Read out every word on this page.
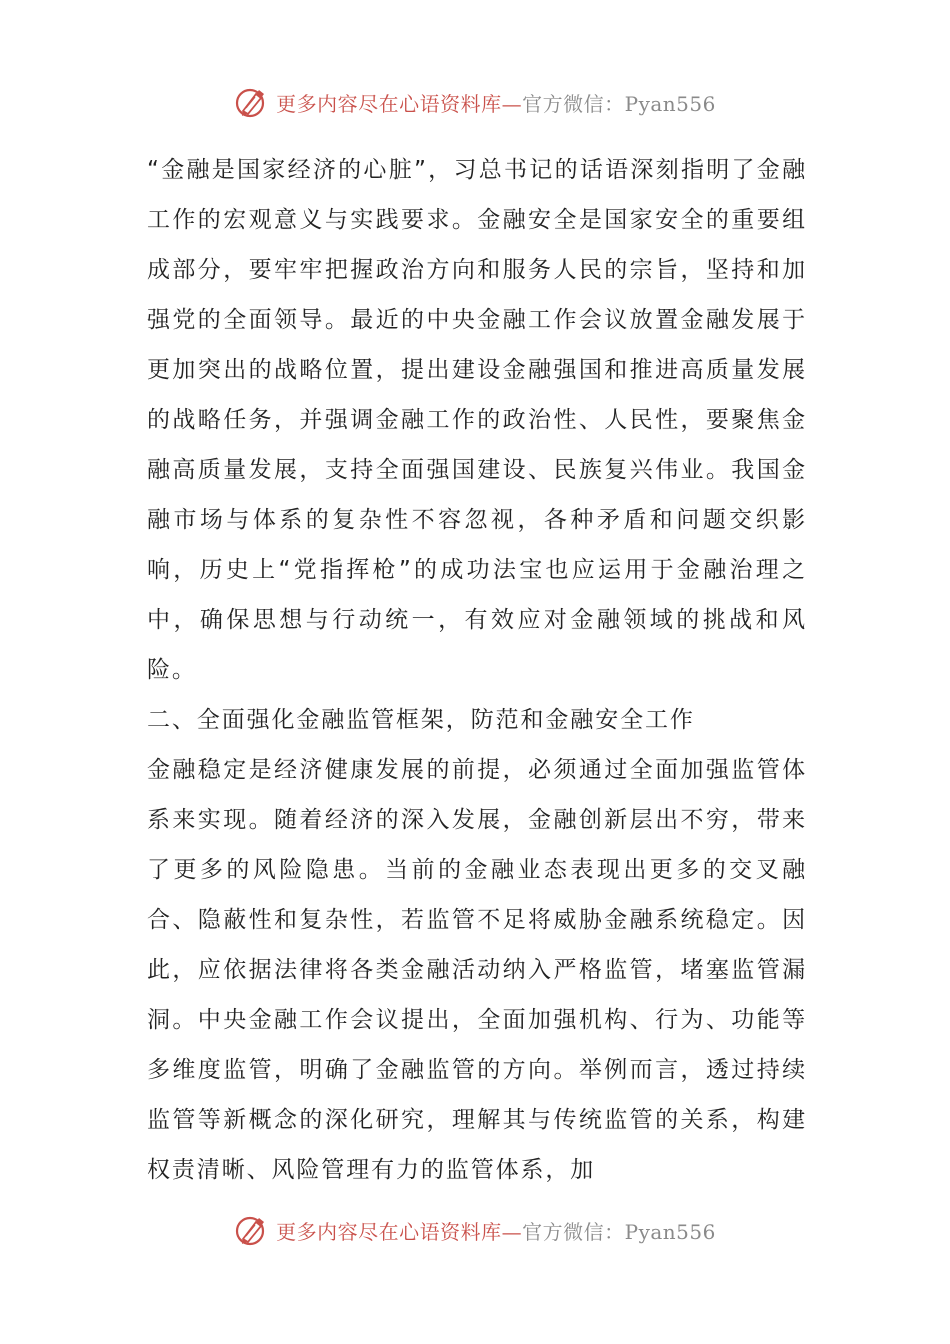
更多内容尽在心语资料库—官方微信：Pyan556

“金融是国家经济的心脏”，习总书记的话语深刻指明了金融工作的宏观意义与实践要求。金融安全是国家安全的重要组成部分，要牢牢把握政治方向和服务人民的宗旨，坚持和加强党的全面领导。最近的中央金融工作会议放置金融发展于更加突出的战略位置，提出建设金融强国和推进高质量发展的战略任务，并强调金融工作的政治性、人民性，要聚焦金融高质量发展，支持全面强国建设、民族复兴伟业。我国金融市场与体系的复杂性不容忽视，各种矛盾和问题交织影响，历史上“党指挥枪”的成功法宝也应运用于金融治理之中，确保思想与行动统一，有效应对金融领域的挑战和风险。

二、全面强化金融监管框架，防范和金融安全工作

金融稳定是经济健康发展的前提，必须通过全面加强监管体系来实现。随着经济的深入发展，金融创新层出不穷，带来了更多的风险隐患。当前的金融业态表现出更多的交叉融合、隐蔽性和复杂性，若监管不足将威胁金融系统稳定。因此，应依据法律将各类金融活动纳入严格监管，堵塞监管漏洞。中央金融工作会议提出，全面加强机构、行为、功能等多维度监管，明确了金融监管的方向。举例而言，透过持续监管等新概念的深化研究，理解其与传统监管的关系，构建权责清晰、风险管理有力的监管体系，加

更多内容尽在心语资料库—官方微信：Pyan556
